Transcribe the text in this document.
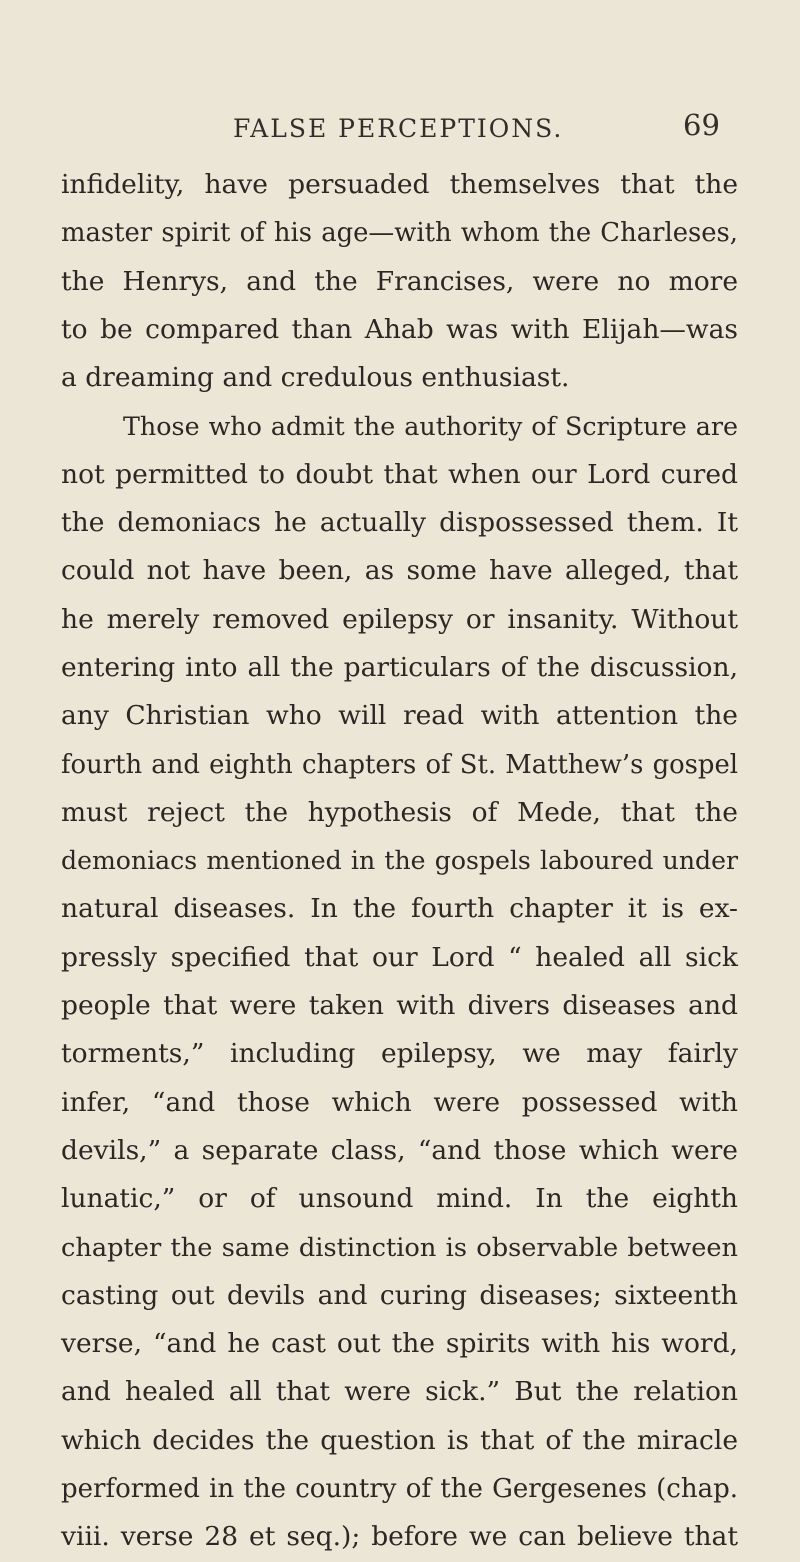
FALSE PERCEPTIONS.	69
infidelity, have persuaded themselves that the
master spirit of his age—with whom the Charleses,
the Henrys, and the Francises, were no more
to be compared than Ahab was with Elijah—was
a dreaming and credulous enthusiast.
Those who admit the authority of Scripture are
not permitted to doubt that when our Lord cured
the demoniacs he actually dispossessed them. It
could not have been, as some have alleged, that
he merely removed epilepsy or insanity. Without
entering into all the particulars of the discussion,
any Christian who will read with attention the
fourth and eighth chapters of St. Matthew’s gospel
must reject the hypothesis of Mede, that the
demoniacs mentioned in the gospels laboured under
natural diseases. In the fourth chapter it is ex-
pressly specified that our Lord “ healed all sick
people that were taken with divers diseases and
torments,” including epilepsy, we may fairly
infer, “and those which were possessed with
devils,” a separate class, “and those which were
lunatic,” or of unsound mind. In the eighth
chapter the same distinction is observable between
casting out devils and curing diseases; sixteenth
verse, “and he cast out the spirits with his word,
and healed all that were sick.” But the relation
which decides the question is that of the miracle
performed in the country of the Gergesenes (chap.
viii. verse 28 et seq.); before we can believe that
